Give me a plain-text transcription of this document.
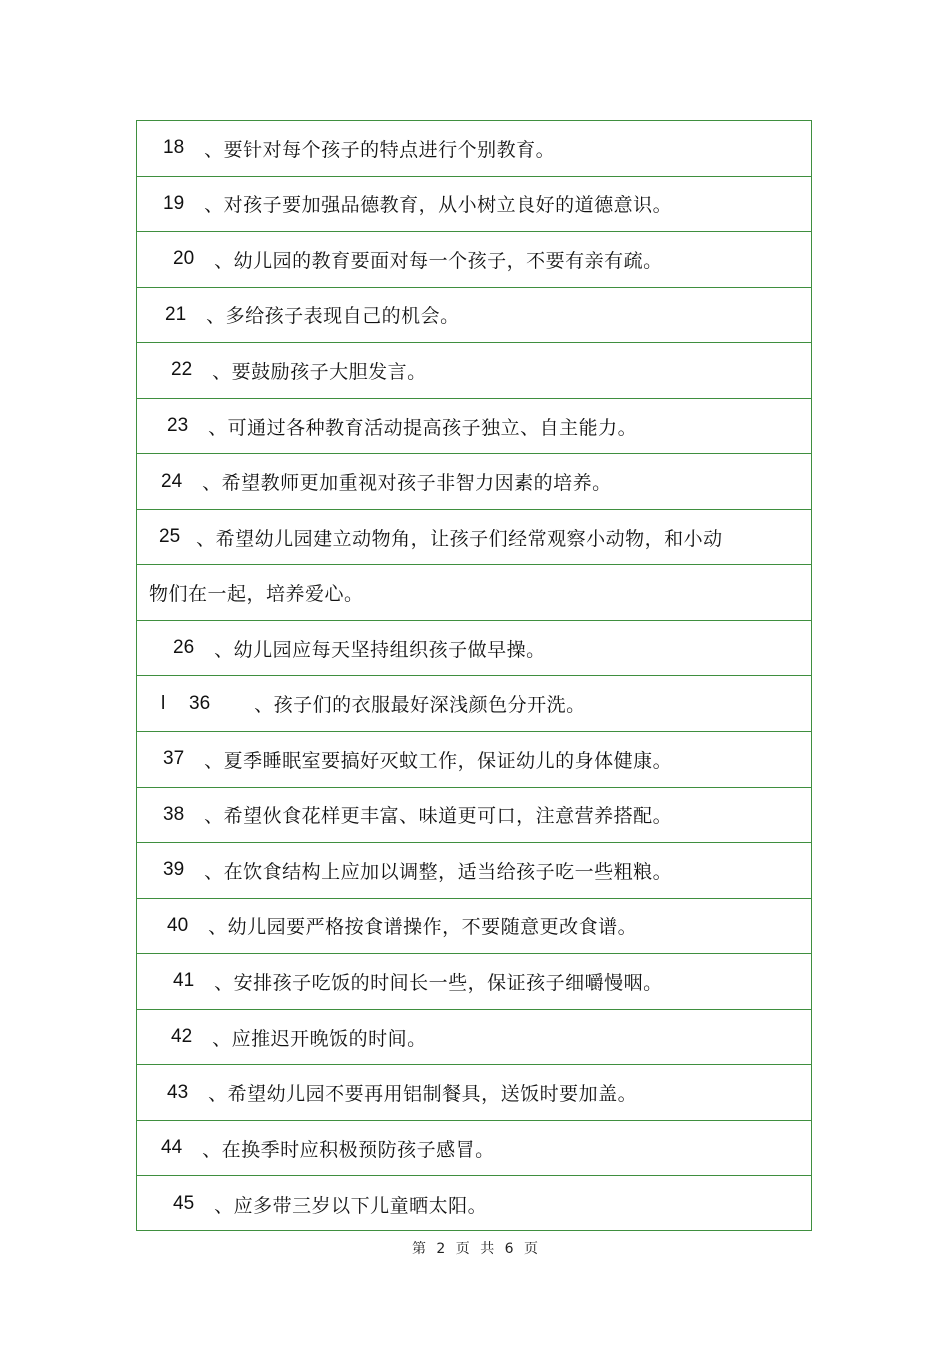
18 、要针对每个孩子的特点进行个别教育。
19 、对孩子要加强品德教育，从小树立良好的道德意识。
20 、幼儿园的教育要面对每一个孩子，不要有亲有疏。
21 、多给孩子表现自己的机会。
22 、要鼓励孩子大胆发言。
23 、可通过各种教育活动提高孩子独立、自主能力。
24 、希望教师更加重视对孩子非智力因素的培养。
25 、希望幼儿园建立动物角，让孩子们经常观察小动物，和小动
物们在一起，培养爱心。
26 、幼儿园应每天坚持组织孩子做早操。
l 36 、孩子们的衣服最好深浅颜色分开洗。
37 、夏季睡眠室要搞好灭蚊工作，保证幼儿的身体健康。
38 、希望伙食花样更丰富、味道更可口，注意营养搭配。
39 、在饮食结构上应加以调整，适当给孩子吃一些粗粮。
40 、幼儿园要严格按食谱操作，不要随意更改食谱。
41 、安排孩子吃饭的时间长一些，保证孩子细嚼慢咽。
42 、应推迟开晚饭的时间。
43 、希望幼儿园不要再用铝制餐具，送饭时要加盖。
44 、在换季时应积极预防孩子感冒。
45 、应多带三岁以下儿童晒太阳。
第 2 页 共 6 页
